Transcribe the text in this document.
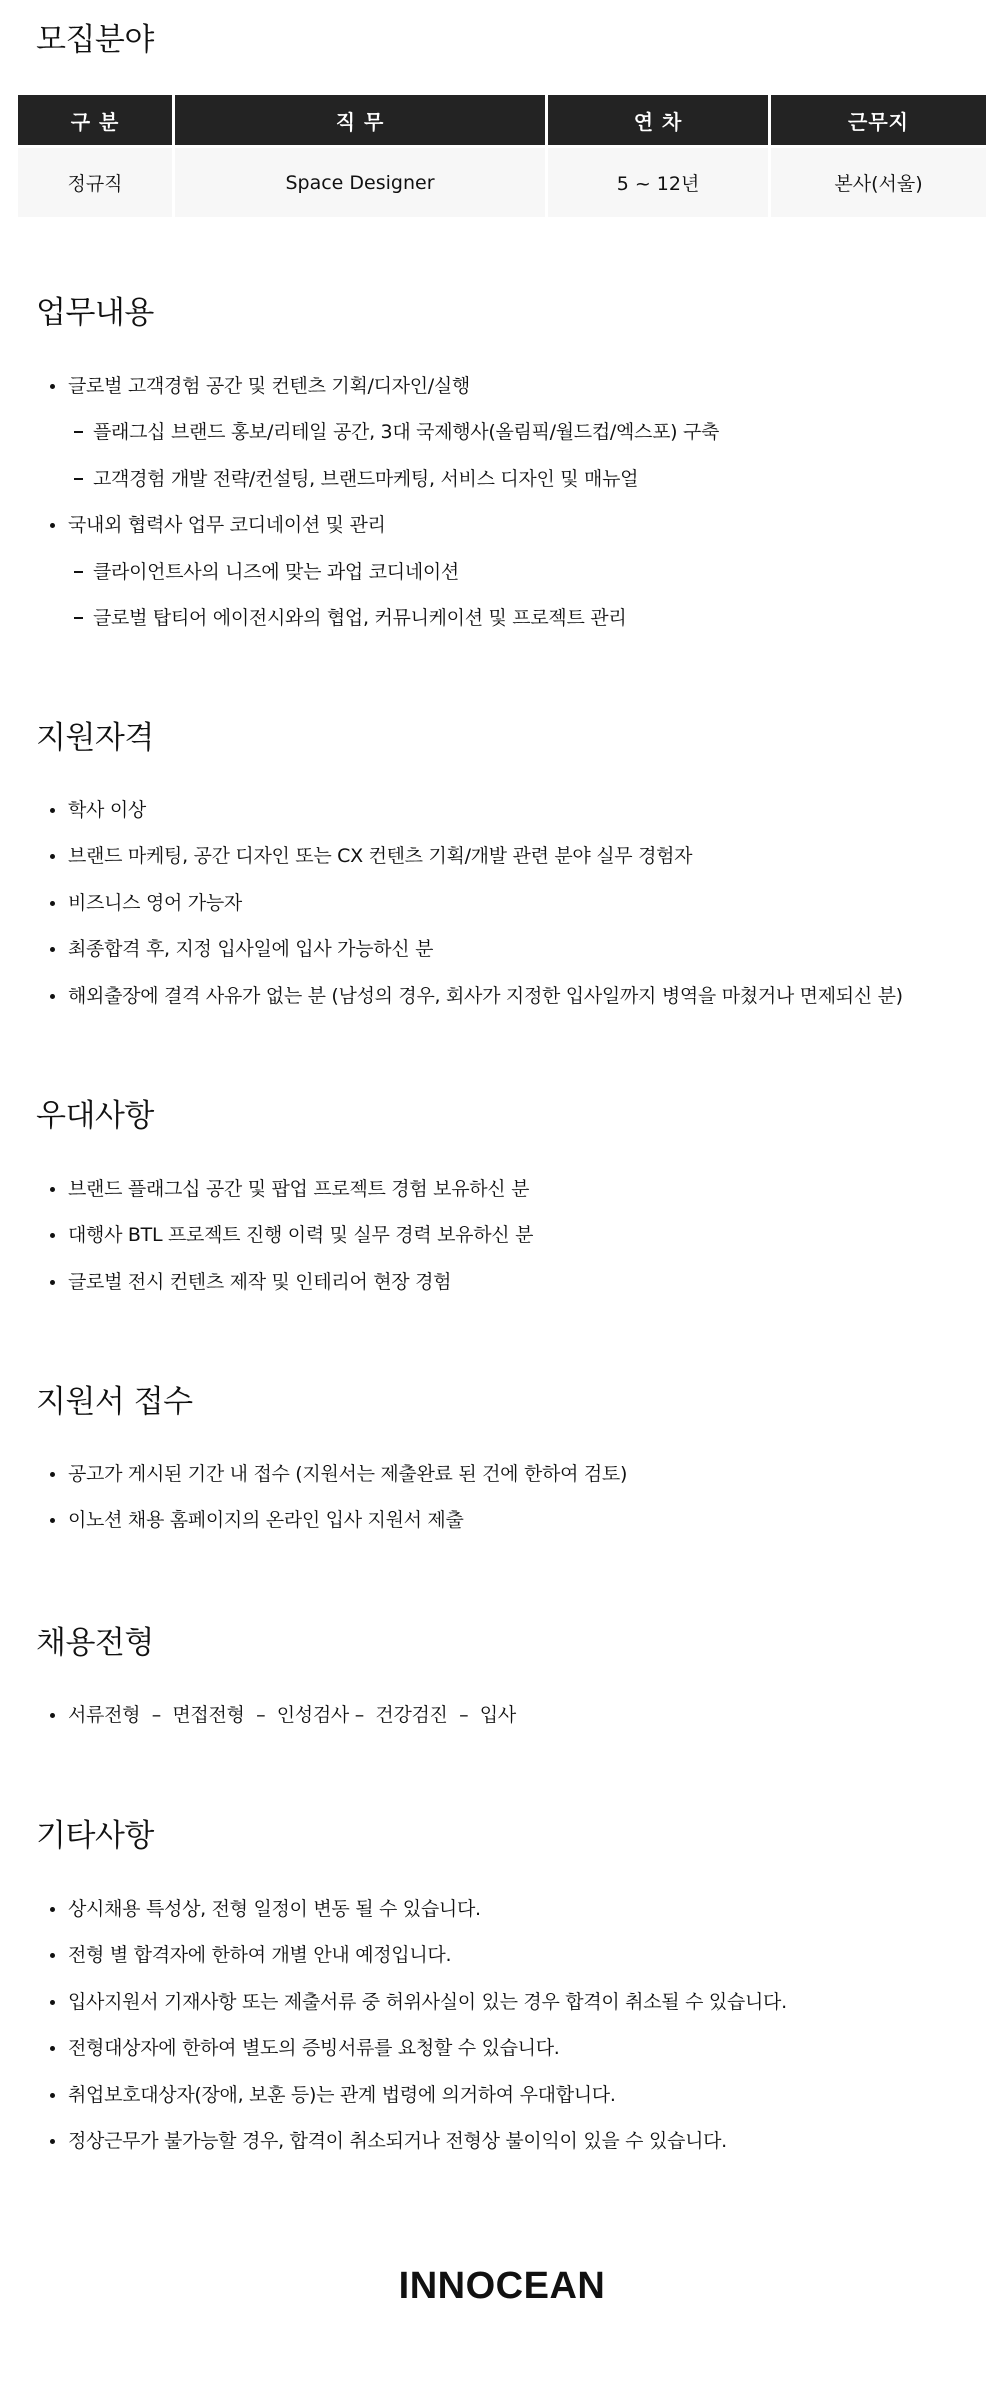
모집분야
구 분	직 무	연 차	근무지
정규직	Space Designer	5 ~ 12년	본사(서울)
업무내용
글로벌 고객경험 공간 및 컨텐츠 기획/디자인/실행
플래그십 브랜드 홍보/리테일 공간, 3대 국제행사(올림픽/월드컵/엑스포) 구축
고객경험 개발 전략/컨설팅, 브랜드마케팅, 서비스 디자인 및 매뉴얼
국내외 협력사 업무 코디네이션 및 관리
클라이언트사의 니즈에 맞는 과업 코디네이션
글로벌 탑티어 에이전시와의 협업, 커뮤니케이션 및 프로젝트 관리
지원자격
학사 이상
브랜드 마케팅, 공간 디자인 또는 CX 컨텐츠 기획/개발 관련 분야 실무 경험자
비즈니스 영어 가능자
최종합격 후, 지정 입사일에 입사 가능하신 분
해외출장에 결격 사유가 없는 분 (남성의 경우, 회사가 지정한 입사일까지 병역을 마쳤거나 면제되신 분)
우대사항
브랜드 플래그십 공간 및 팝업 프로젝트 경험 보유하신 분
대행사 BTL 프로젝트 진행 이력 및 실무 경력 보유하신 분
글로벌 전시 컨텐츠 제작 및 인테리어 현장 경험
지원서 접수
공고가 게시된 기간 내 접수 (지원서는 제출완료 된 건에 한하여 검토)
이노션 채용 홈페이지의 온라인 입사 지원서 제출
채용전형
서류전형  –  면접전형  –  인성검사 –  건강검진  –  입사
기타사항
상시채용 특성상, 전형 일정이 변동 될 수 있습니다.
전형 별 합격자에 한하여 개별 안내 예정입니다.
입사지원서 기재사항 또는 제출서류 중 허위사실이 있는 경우 합격이 취소될 수 있습니다.
전형대상자에 한하여 별도의 증빙서류를 요청할 수 있습니다.
취업보호대상자(장애, 보훈 등)는 관계 법령에 의거하여 우대합니다.
정상근무가 불가능할 경우, 합격이 취소되거나 전형상 불이익이 있을 수 있습니다.
INNOCEAN
